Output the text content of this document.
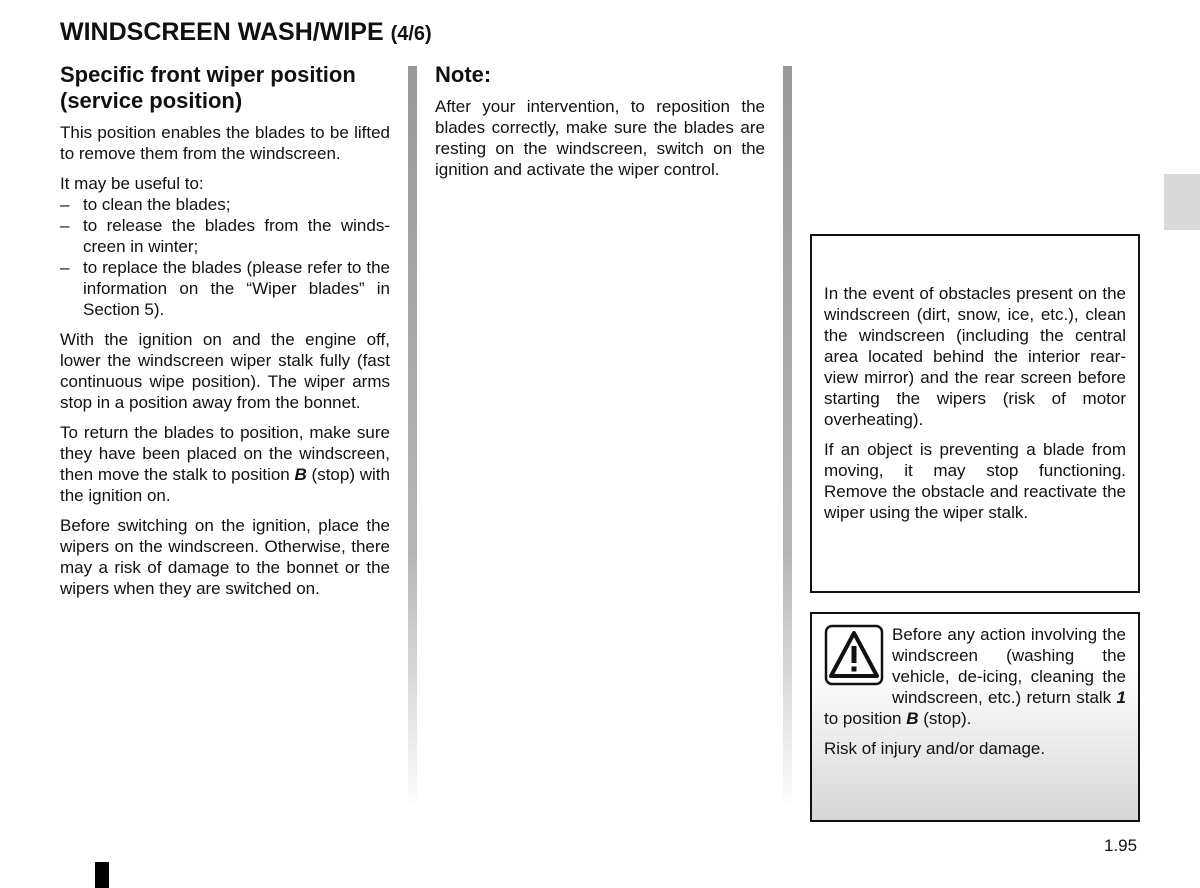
WINDSCREEN WASH/WIPE (4/6)
Specific front wiper position (service position)

This position enables the blades to be lifted to remove them from the windscreen.

It may be useful to:

– to clean the blades;
– to release the blades from the windscreen in winter;
– to replace the blades (please refer to the information on the “Wiper blades” in Section 5).

With the ignition on and the engine off, lower the windscreen wiper stalk fully (fast continuous wipe position). The wiper arms stop in a position away from the bonnet.

To return the blades to position, make sure they have been placed on the windscreen, then move the stalk to position B (stop) with the ignition on.

Before switching on the ignition, place the wipers on the windscreen. Otherwise, there may a risk of damage to the bonnet or the wipers when they are switched on.

Note:

After your intervention, to reposition the blades correctly, make sure the blades are resting on the windscreen, switch on the ignition and activate the wiper control.

In the event of obstacles present on the windscreen (dirt, snow, ice, etc.), clean the windscreen (including the central area located behind the interior rear-view mirror) and the rear screen before starting the wipers (risk of motor overheating).

If an object is preventing a blade from moving, it may stop functioning. Remove the obstacle and reactivate the wiper using the wiper stalk.

Before any action involving the windscreen (washing the vehicle, de-icing, cleaning the windscreen, etc.) return stalk 1 to position B (stop).

Risk of injury and/or damage.

1.95
